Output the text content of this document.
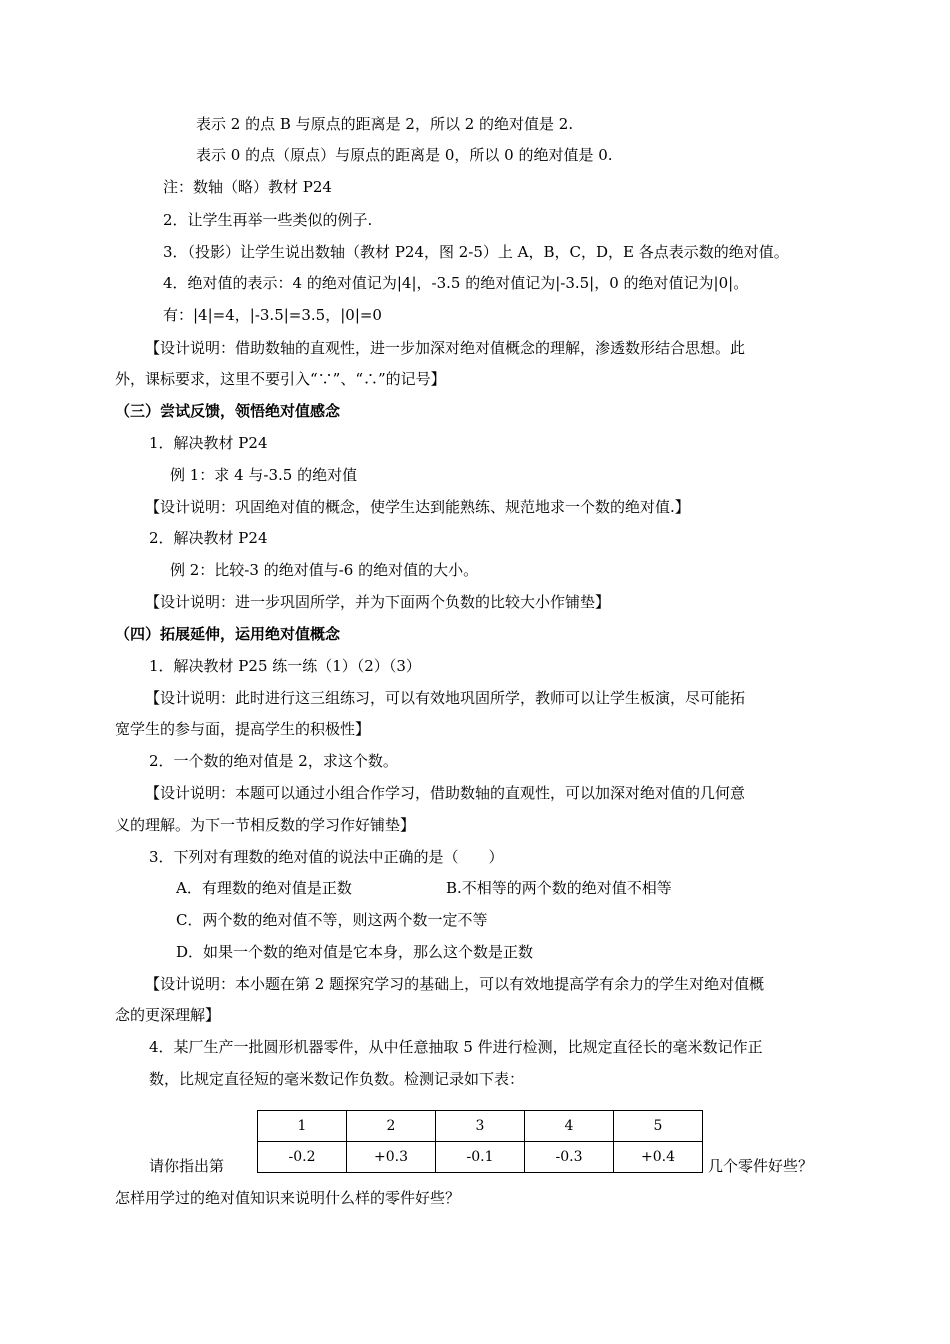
表示 2 的点 B 与原点的距离是 2，所以 2 的绝对值是 2.
表示 0 的点（原点）与原点的距离是 0，所以 0 的绝对值是 0.
注：数轴（略）教材 P24
2．让学生再举一些类似的例子.
3．（投影）让学生说出数轴（教材 P24，图 2-5）上 A，B，C，D，E 各点表示数的绝对值。
4．绝对值的表示：4 的绝对值记为|4|，-3.5 的绝对值记为|-3.5|，0 的绝对值记为|0|。
有：|4|=4，|-3.5|=3.5，|0|=0
【设计说明：借助数轴的直观性，进一步加深对绝对值概念的理解，渗透数形结合思想。此
外，课标要求，这里不要引入“∵”、“∴”的记号】
（三）尝试反馈，领悟绝对值感念
1．解决教材 P24
例 1：求 4 与-3.5 的绝对值
【设计说明：巩固绝对值的概念，使学生达到能熟练、规范地求一个数的绝对值.】
2．解决教材 P24
例 2：比较-3 的绝对值与-6 的绝对值的大小。
【设计说明：进一步巩固所学，并为下面两个负数的比较大小作铺垫】
（四）拓展延伸，运用绝对值概念
1．解决教材 P25 练一练（1）（2）（3）
【设计说明：此时进行这三组练习，可以有效地巩固所学，教师可以让学生板演，尽可能拓
宽学生的参与面，提高学生的积极性】
2．一个数的绝对值是 2，求这个数。
【设计说明：本题可以通过小组合作学习，借助数轴的直观性，可以加深对绝对值的几何意
义的理解。为下一节相反数的学习作好铺垫】
3．下列对有理数的绝对值的说法中正确的是（　　）
A．有理数的绝对值是正数	B.不相等的两个数的绝对值不相等
C．两个数的绝对值不等，则这两个数一定不等
D．如果一个数的绝对值是它本身，那么这个数是正数
【设计说明：本小题在第 2 题探究学习的基础上，可以有效地提高学有余力的学生对绝对值概
念的更深理解】
4．某厂生产一批圆形机器零件，从中任意抽取 5 件进行检测，比规定直径长的毫米数记作正
数，比规定直径短的毫米数记作负数。检测记录如下表：
1	2	3	4	5
-0.2	+0.3	-0.1	-0.3	+0.4
请你指出第	几个零件好些？
怎样用学过的绝对值知识来说明什么样的零件好些？
